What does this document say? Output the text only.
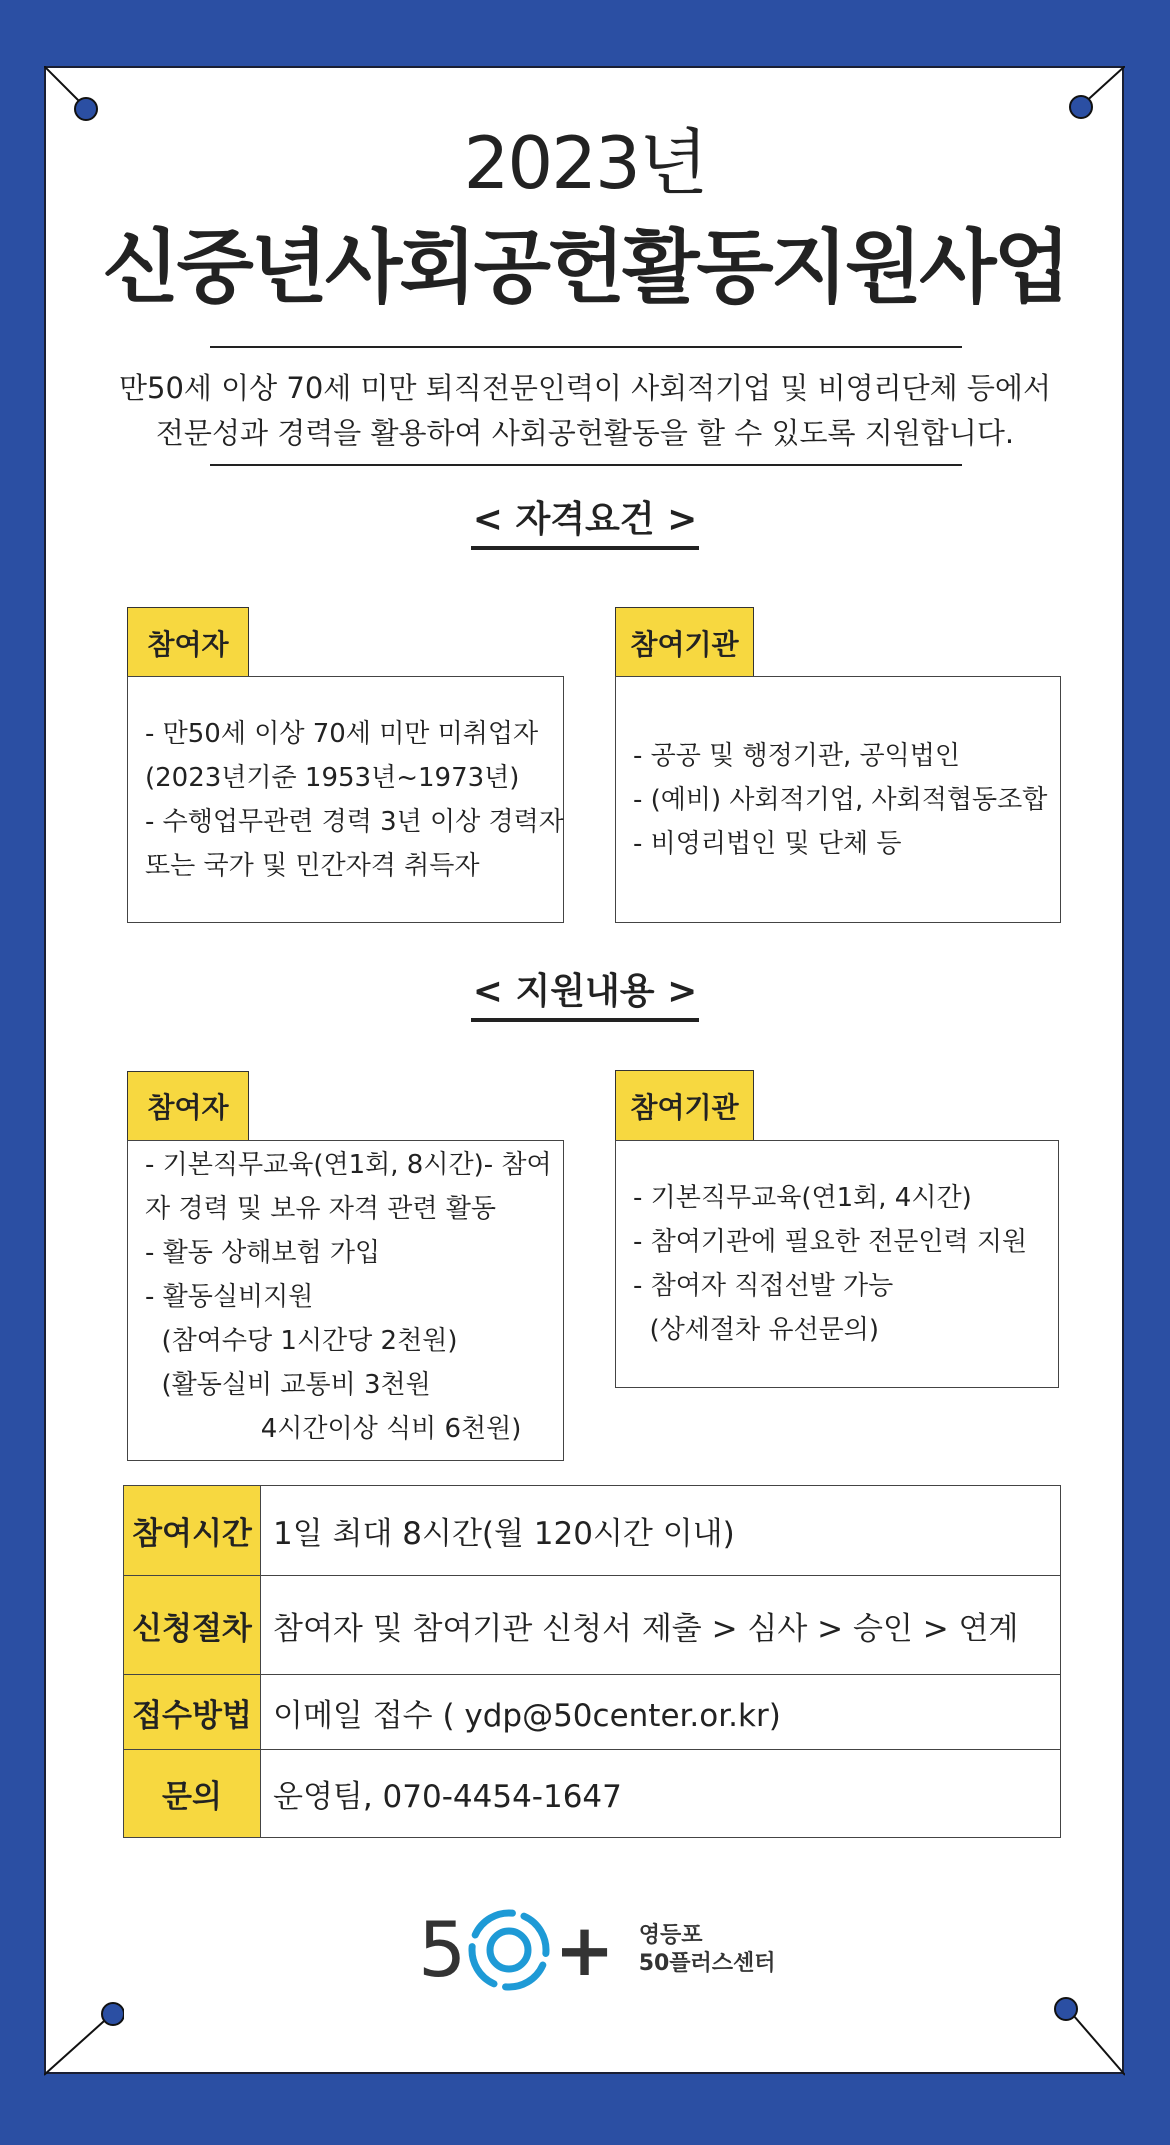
2023년
신중년사회공헌활동지원사업
만50세 이상 70세 미만 퇴직전문인력이 사회적기업 및 비영리단체 등에서
전문성과 경력을 활용하여 사회공헌활동을 할 수 있도록 지원합니다.
< 자격요건 >
참여자
- 만50세 이상 70세 미만 미취업자
(2023년기준 1953년~1973년)
- 수행업무관련 경력 3년 이상 경력자
또는 국가 및 민간자격 취득자
참여기관
- 공공 및 행정기관, 공익법인
- (예비) 사회적기업, 사회적협동조합
- 비영리법인 및 단체 등
< 지원내용 >
참여자
- 기본직무교육(연1회, 8시간)- 참여
자 경력 및 보유 자격 관련 활동
- 활동 상해보험 가입
- 활동실비지원
(참여수당 1시간당 2천원)
(활동실비 교통비 3천원
4시간이상 식비 6천원)
참여기관
- 기본직무교육(연1회, 4시간)
- 참여기관에 필요한 전문인력 지원
- 참여자 직접선발 가능
(상세절차 유선문의)
참여시간	1일 최대 8시간(월 120시간 이내)
신청절차	참여자 및 참여기관 신청서 제출 > 심사 > 승인 > 연계
접수방법	이메일 접수 ( ydp@50center.or.kr)
문의	운영팀, 070-4454-1647
5 + 영등포
50플러스센터
